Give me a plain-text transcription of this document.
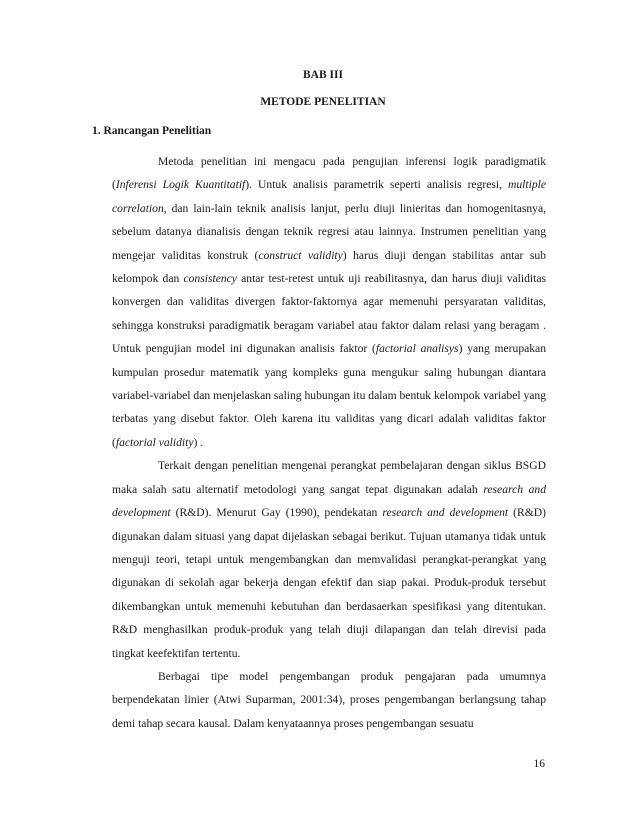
BAB III
METODE PENELITIAN
1. Rancangan Penelitian

Metoda penelitian ini mengacu pada pengujian inferensi logik paradigmatik (Inferensi Logik Kuantitatif). Untuk analisis parametrik seperti analisis regresi, multiple correlation, dan lain-lain teknik analisis lanjut, perlu diuji linieritas dan homogenitasnya, sebelum datanya dianalisis dengan teknik regresi atau lainnya. Instrumen penelitian yang mengejar validitas konstruk (construct validity) harus diuji dengan stabilitas antar sub kelompok dan consistency antar test-retest untuk uji reabilitasnya, dan harus diuji validitas konvergen dan validitas divergen faktor-faktornya agar memenuhi persyaratan validitas, sehingga konstruksi paradigmatik beragam variabel atau faktor dalam relasi yang beragam . Untuk pengujian model ini digunakan analisis faktor (factorial analisys) yang merupakan kumpulan prosedur matematik yang kompleks guna mengukur saling hubungan diantara variabel-variabel dan menjelaskan saling hubungan itu dalam bentuk kelompok variabel yang terbatas yang disebut faktor. Oleh karena itu validitas yang dicari adalah validitas faktor (factorial validity) .

Terkait dengan penelitian mengenai perangkat pembelajaran dengan siklus BSGD maka salah satu alternatif metodologi yang sangat tepat digunakan adalah research and development (R&D). Menurut Gay (1990), pendekatan research and development (R&D) digunakan dalam situasi yang dapat dijelaskan sebagai berikut. Tujuan utamanya tidak untuk menguji teori, tetapi untuk mengembangkan dan memvalidasi perangkat-perangkat yang digunakan di sekolah agar bekerja dengan efektif dan siap pakai. Produk-produk tersebut dikembangkan untuk memenuhi kebutuhan dan berdasaerkan spesifikasi yang ditentukan. R&D menghasilkan produk-produk yang telah diuji dilapangan dan telah direvisi pada tingkat keefektifan tertentu.

Berbagai tipe model pengembangan produk pengajaran pada umumnya berpendekatan linier (Atwi Suparman, 2001:34), proses pengembangan berlangsung tahap demi tahap secara kausal. Dalam kenyataannya proses pengembangan sesuatu

16
